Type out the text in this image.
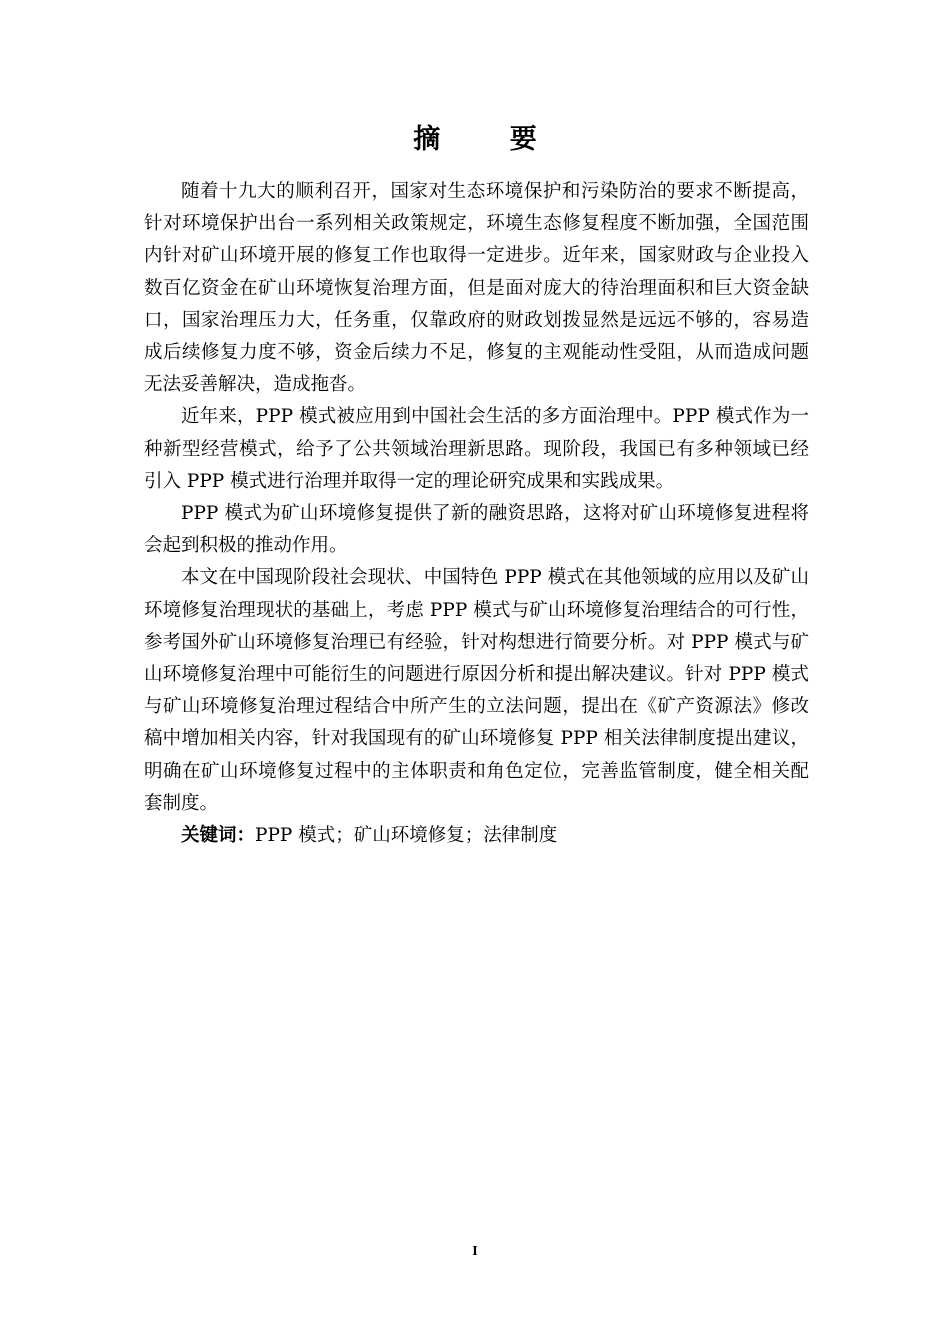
摘 要

随着十九大的顺利召开，国家对生态环境保护和污染防治的要求不断提高，针对环境保护出台一系列相关政策规定，环境生态修复程度不断加强，全国范围内针对矿山环境开展的修复工作也取得一定进步。近年来，国家财政与企业投入数百亿资金在矿山环境恢复治理方面，但是面对庞大的待治理面积和巨大资金缺口，国家治理压力大，任务重，仅靠政府的财政划拨显然是远远不够的，容易造成后续修复力度不够，资金后续力不足，修复的主观能动性受阻，从而造成问题无法妥善解决，造成拖沓。

近年来，PPP 模式被应用到中国社会生活的多方面治理中。PPP 模式作为一种新型经营模式，给予了公共领域治理新思路。现阶段，我国已有多种领域已经引入 PPP 模式进行治理并取得一定的理论研究成果和实践成果。

PPP 模式为矿山环境修复提供了新的融资思路，这将对矿山环境修复进程将会起到积极的推动作用。

本文在中国现阶段社会现状、中国特色 PPP 模式在其他领域的应用以及矿山环境修复治理现状的基础上，考虑 PPP 模式与矿山环境修复治理结合的可行性，参考国外矿山环境修复治理已有经验，针对构想进行简要分析。对 PPP 模式与矿山环境修复治理中可能衍生的问题进行原因分析和提出解决建议。针对 PPP 模式与矿山环境修复治理过程结合中所产生的立法问题，提出在《矿产资源法》修改稿中增加相关内容，针对我国现有的矿山环境修复 PPP 相关法律制度提出建议，明确在矿山环境修复过程中的主体职责和角色定位，完善监管制度，健全相关配套制度。

关键词：PPP 模式；矿山环境修复；法律制度

I
